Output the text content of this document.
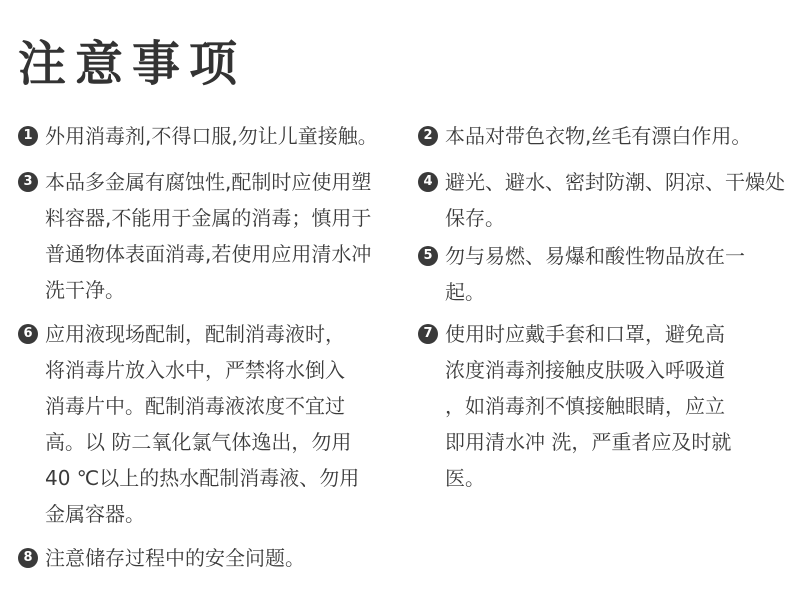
注意事项
1 外用消毒剂,不得口服,勿让儿童接触。	2 本品对带色衣物,丝毛有漂白作用。
3 本品多金属有腐蚀性,配制时应使用塑
料容器,不能用于金属的消毒；慎用于
普通物体表面消毒,若使用应用清水冲
洗干净。
4 避光、避水、密封防潮、阴凉、干燥处
保存。
5 勿与易燃、易爆和酸性物品放在一
起。
6 应用液现场配制，配制消毒液时，
将消毒片放入水中，严禁将水倒入
消毒片中。配制消毒液浓度不宜过
高。以 防二氧化氯气体逸出，勿用
40 ℃以上的热水配制消毒液、勿用
金属容器。
7 使用时应戴手套和口罩，避免高
浓度消毒剂接触皮肤吸入呼吸道
，如消毒剂不慎接触眼睛，应立
即用清水冲 洗，严重者应及时就
医。
8 注意储存过程中的安全问题。
